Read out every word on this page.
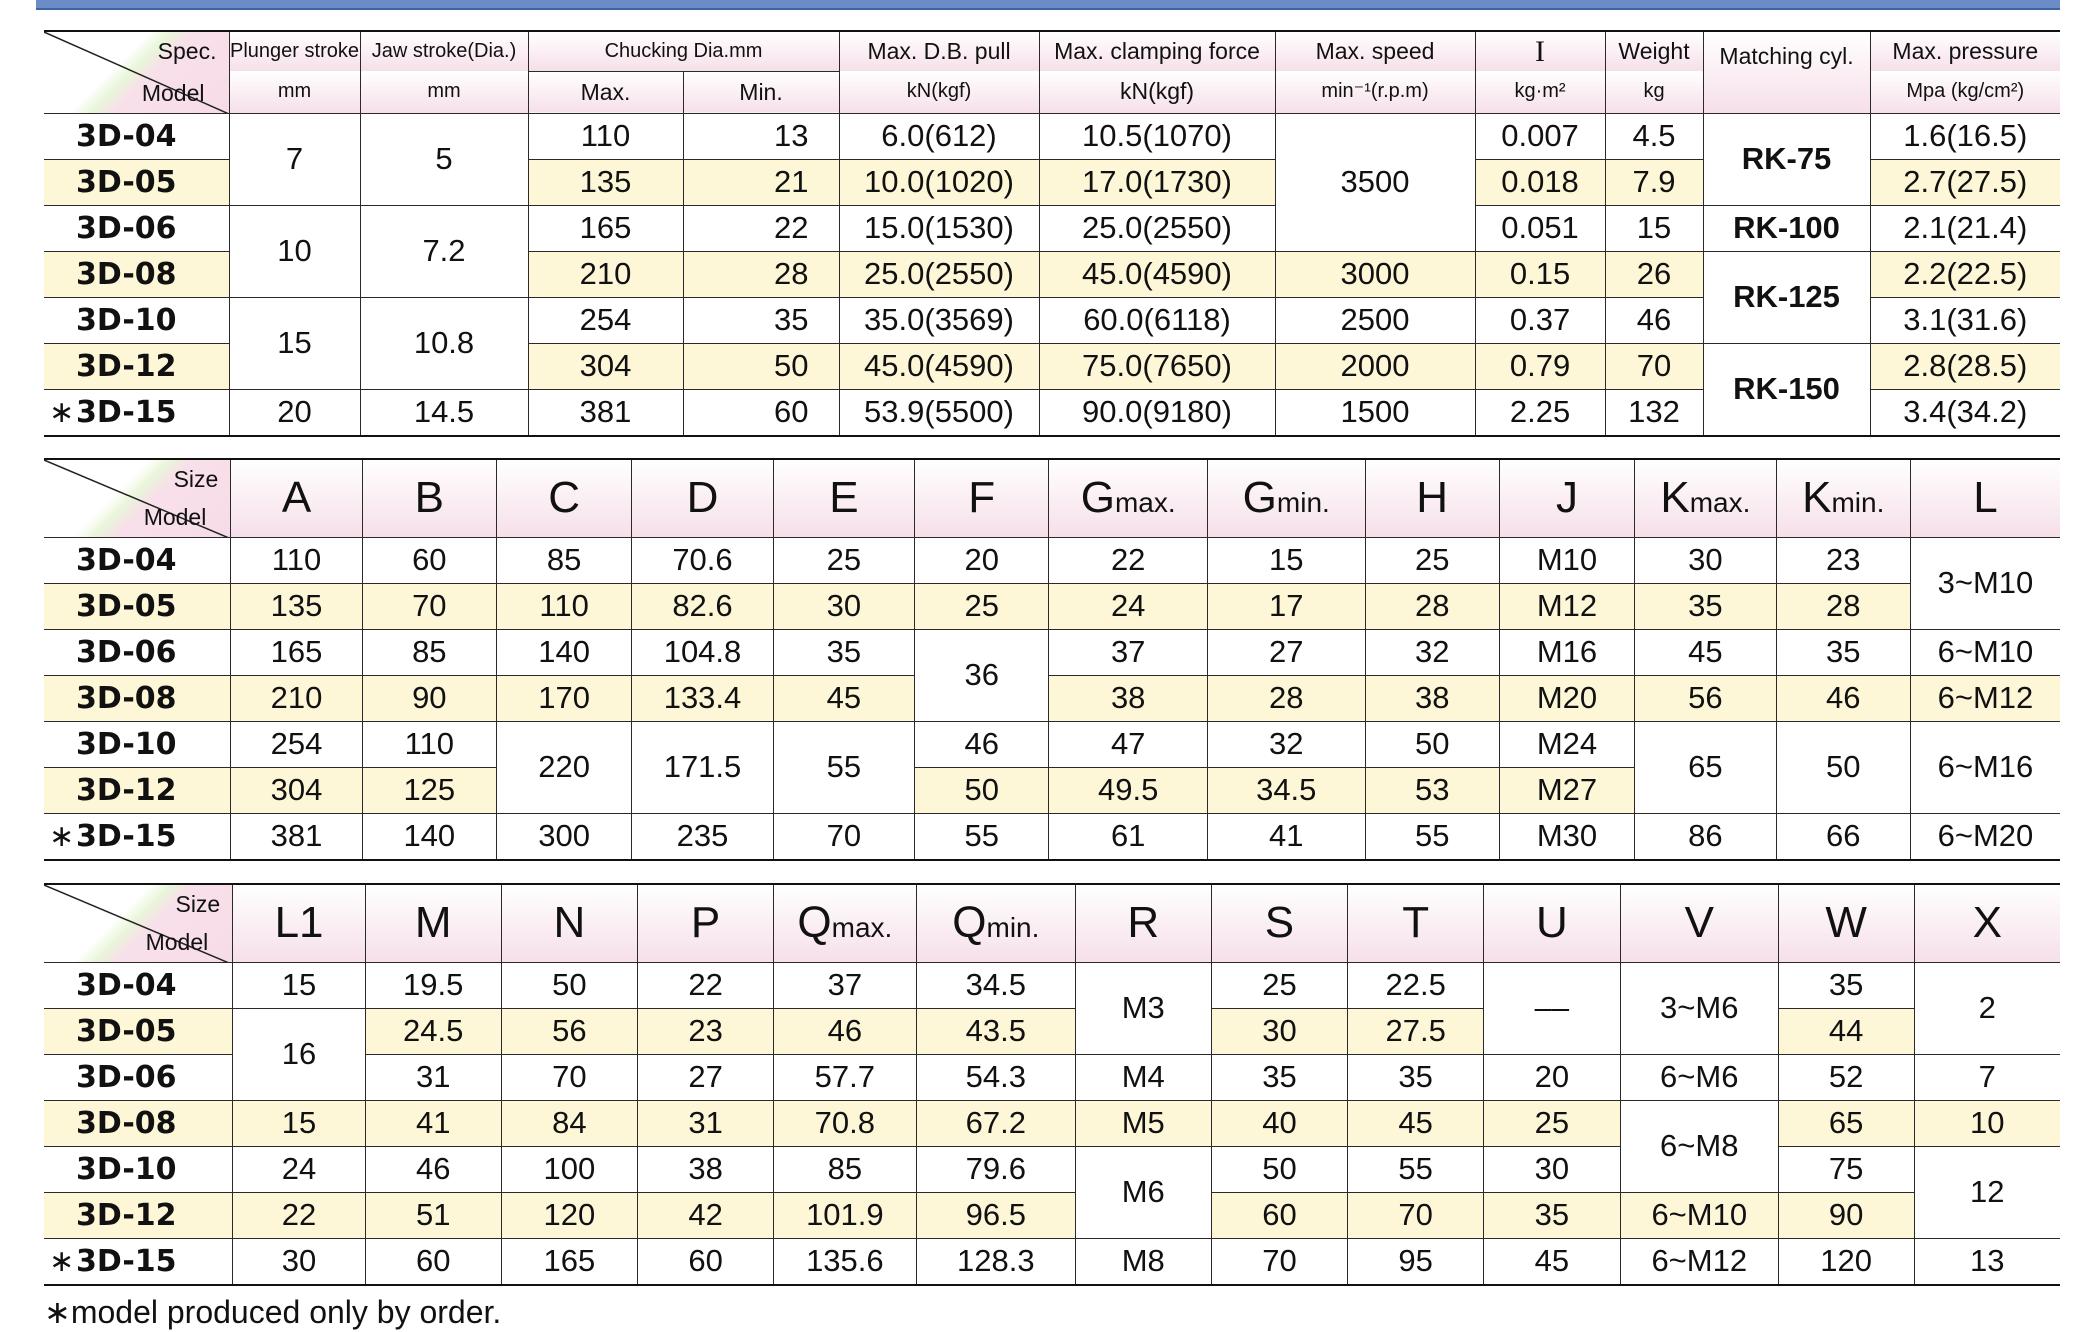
Spec.
Model	Plunger stroke	Jaw stroke(Dia.)	Chucking Dia.mm		Max. D.B. pull	Max. clamping force	Max. speed	I	Weight	Matching cyl.	Max. pressure
	mm	mm	Max.	Min.	kN(kgf)	kN(kgf)	min⁻¹(r.p.m)	kg·m²	kg		Mpa (kg/cm²)
3D-04	7	5	110	13	6.0(612)	10.5(1070)	3500	0.007	4.5	RK-75	1.6(16.5)
3D-05			135	21	10.0(1020)	17.0(1730)		0.018	7.9		2.7(27.5)
3D-06	10	7.2	165	22	15.0(1530)	25.0(2550)		0.051	15	RK-100	2.1(21.4)
3D-08			210	28	25.0(2550)	45.0(4590)	3000	0.15	26	RK-125	2.2(22.5)
3D-10	15	10.8	254	35	35.0(3569)	60.0(6118)	2500	0.37	46		3.1(31.6)
3D-12			304	50	45.0(4590)	75.0(7650)	2000	0.79	70	RK-150	2.8(28.5)

∗ 3D-15	20	14.5	381	60	53.9(5500)	90.0(9180)	1500	2.25	132		3.4(34.2)
Size
Model	A	B	C	D	E	F	Gmax.	Gmin.	H	J	Kmax.	Kmin.	L
3D-04	110	60	85	70.6	25	20	22	15	25	M10	30	23	3~M10
3D-05	135	70	110	82.6	30	25	24	17	28	M12	35	28	
3D-06	165	85	140	104.8	35	36	37	27	32	M16	45	35	6~M10
3D-08	210	90	170	133.4	45		38	28	38	M20	56	46	6~M12
3D-10	254	110	220	171.5	55	46	47	32	50	M24	65	50	6~M16
3D-12	304	125				50	49.5	34.5	53	M27			

∗ 3D-15	381	140	300	235	70	55	61	41	55	M30	86	66	6~M20
Size
Model	L1	M	N	P	Qmax.	Qmin.	R	S	T	U	V	W	X
3D-04	15	19.5	50	22	37	34.5	M3	25	22.5	––	3~M6	35	2
3D-05	16	24.5	56	23	46	43.5		30	27.5			44	
3D-06		31	70	27	57.7	54.3	M4	35	35	20	6~M6	52	7
3D-08	15	41	84	31	70.8	67.2	M5	40	45	25	6~M8	65	10
3D-10	24	46	100	38	85	79.6	M6	50	55	30		75	12
3D-12	22	51	120	42	101.9	96.5		60	70	35	6~M10	90	

∗ 3D-15	30	60	165	60	135.6	128.3	M8	70	95	45	6~M12	120	13
∗model produced only by order.
